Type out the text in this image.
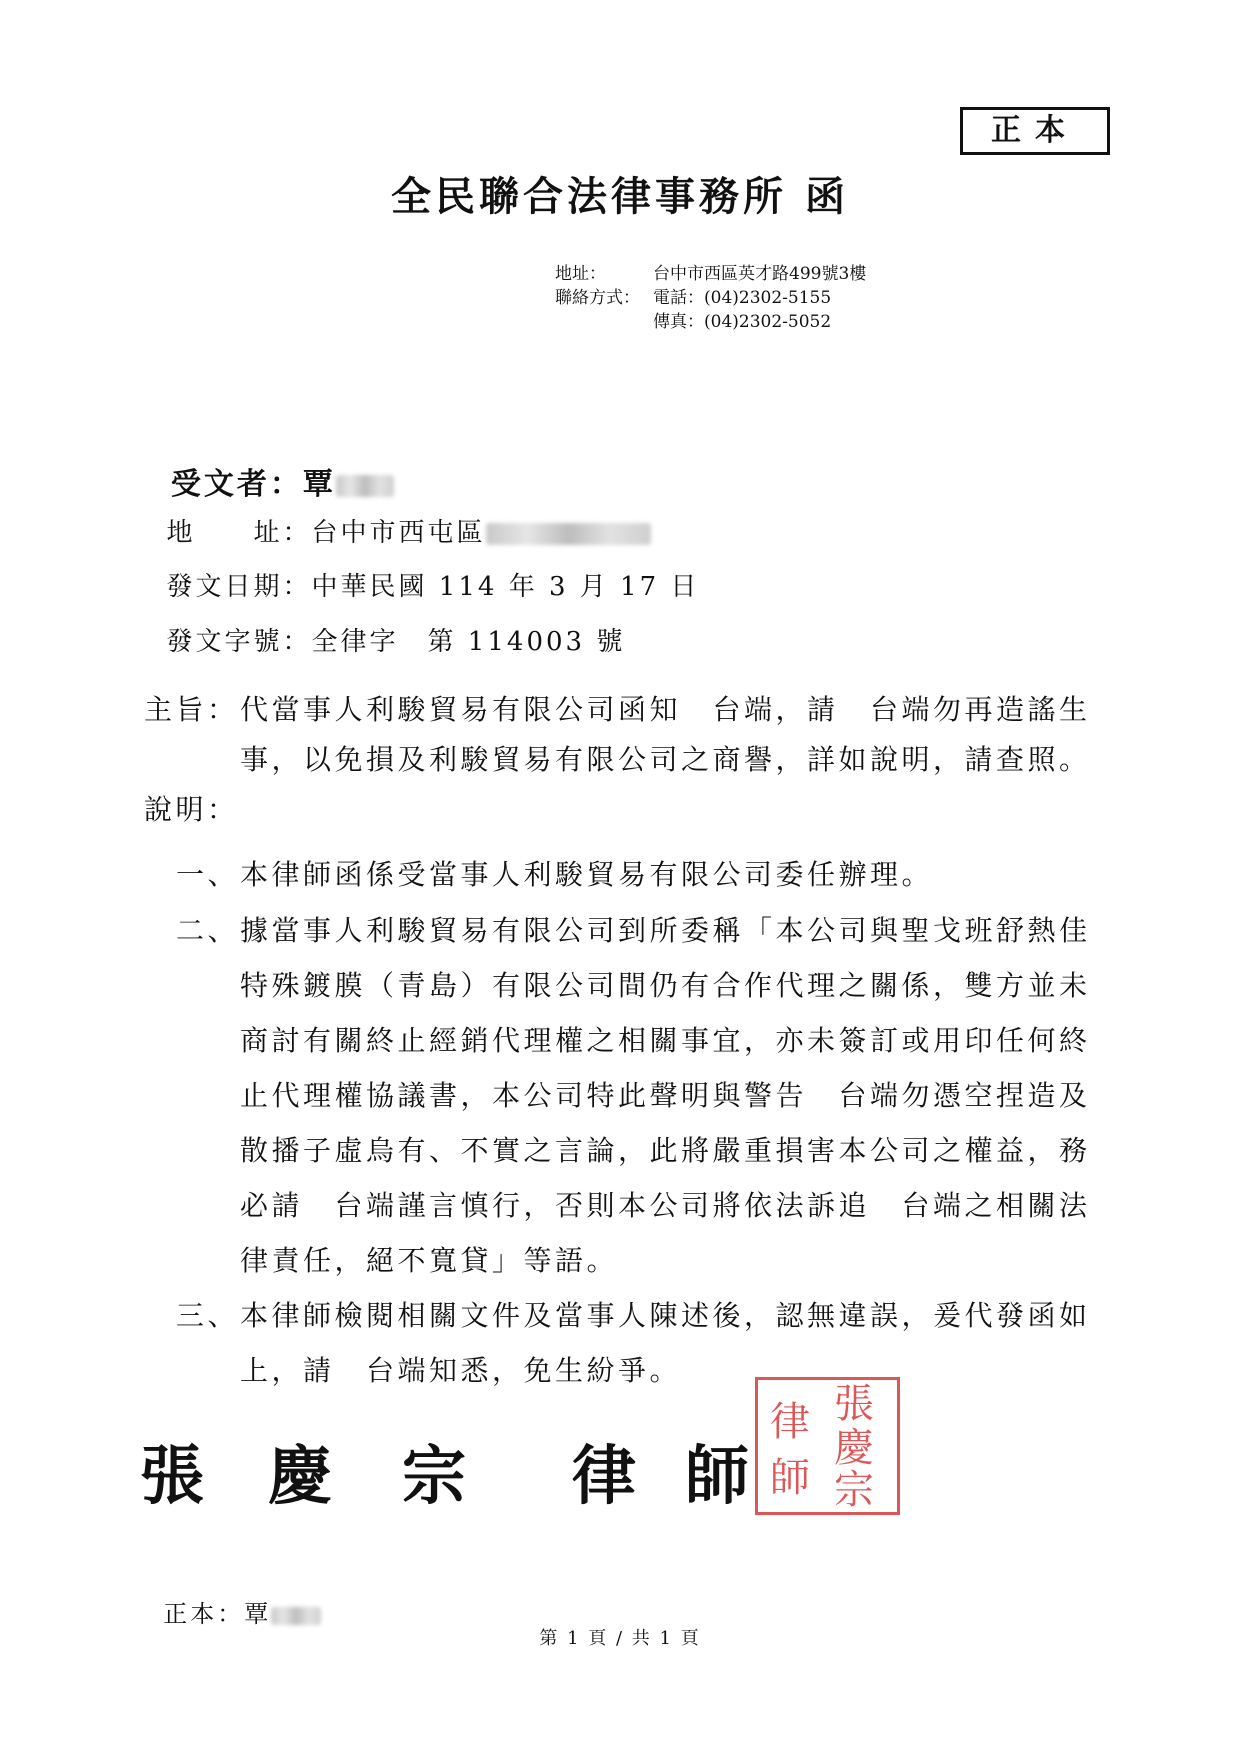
正本
全民聯合法律事務所 函
地址：	台中市西區英才路499號3樓
聯絡方式： 電話：(04)2302-5155
傳真：(04)2302-5052

受文者：覃

地　　址：台中市西屯區

發文日期：中華民國 114 年 3 月 17 日

發文字號：全律字　第 114003 號

主旨： 代當事人利駿貿易有限公司函知　台端，請　台端勿再造謠生
事，以免損及利駿貿易有限公司之商譽，詳如說明，請查照。
說明：
一、 本律師函係受當事人利駿貿易有限公司委任辦理。
二、 據當事人利駿貿易有限公司到所委稱「本公司與聖戈班舒熱佳
特殊鍍膜（青島）有限公司間仍有合作代理之關係，雙方並未
商討有關終止經銷代理權之相關事宜，亦未簽訂或用印任何終
止代理權協議書，本公司特此聲明與警告　台端勿憑空捏造及
散播子虛烏有、不實之言論，此將嚴重損害本公司之權益，務
必請　台端謹言慎行，否則本公司將依法訴追　台端之相關法
律責任，絕不寬貸」等語。
三、 本律師檢閱相關文件及當事人陳述後，認無違誤，爰代發函如
上，請　台端知悉，免生紛爭。
張 慶 宗 律 師
張
慶
宗
律
師

正本：覃

第 1 頁 / 共 1 頁
